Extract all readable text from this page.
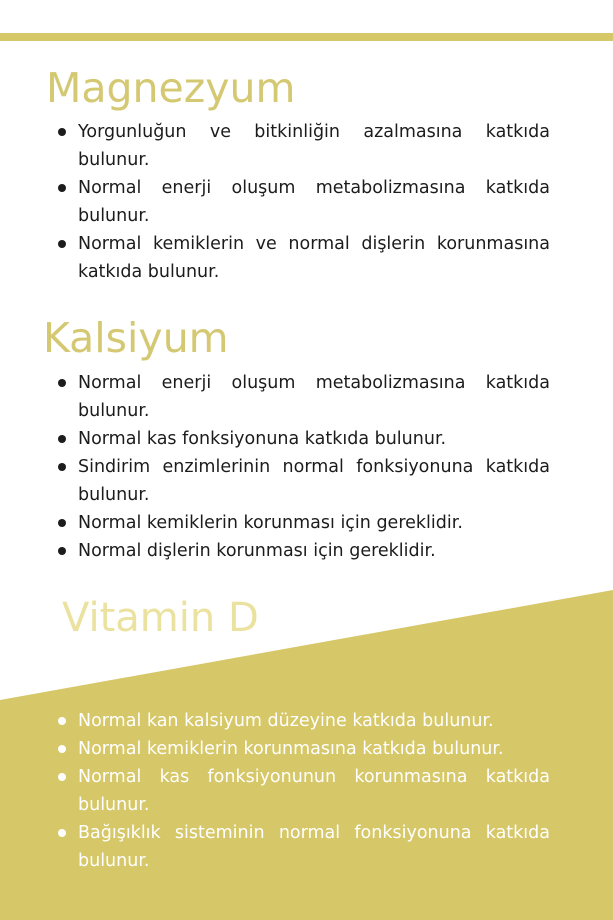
Magnezyum
Yorgunluğun ve bitkinliğin azalmasına katkıda bulunur.
Normal enerji oluşum metabolizmasına katkıda bulunur.
Normal kemiklerin ve normal dişlerin korunmasına katkıda bulunur.
Kalsiyum
Normal enerji oluşum metabolizmasına katkıda bulunur.
Normal kas fonksiyonuna katkıda bulunur.
Sindirim enzimlerinin normal fonksiyonuna katkıda bulunur.
Normal kemiklerin korunması için gereklidir.
Normal dişlerin korunması için gereklidir.
Vitamin D
Normal kan kalsiyum düzeyine katkıda bulunur.
Normal kemiklerin korunmasına katkıda bulunur.
Normal kas fonksiyonunun korunmasına katkıda bulunur.
Bağışıklık sisteminin normal fonksiyonuna katkıda bulunur.
